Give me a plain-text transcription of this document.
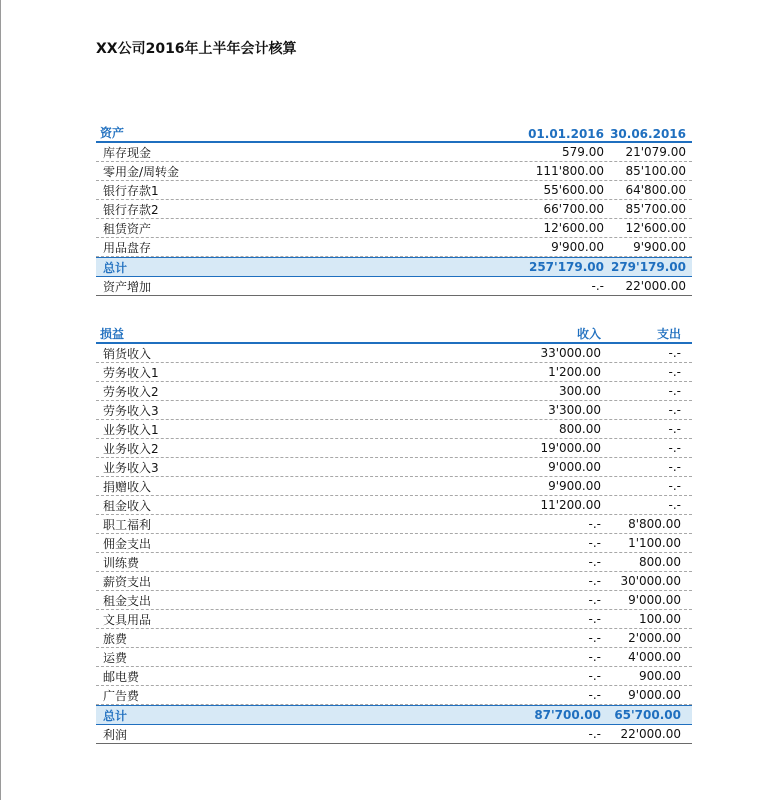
XX公司2016年上半年会计核算
资产	01.01.2016 30.06.2016
库存现金	579.00	21'079.00
零用金/周转金	111'800.00	85'100.00
银行存款1	55'600.00	64'800.00
银行存款2	66'700.00	85'700.00
租赁资产	12'600.00	12'600.00
用品盘存	9'900.00	9'900.00
总计	257'179.00 279'179.00
资产增加	-.-	22'000.00
损益	收入	支出
销货收入	33'000.00	-.-
劳务收入1	1'200.00	-.-
劳务收入2	300.00	-.-
劳务收入3	3'300.00	-.-
业务收入1	800.00	-.-
业务收入2	19'000.00	-.-
业务收入3	9'000.00	-.-
捐赠收入	9'900.00	-.-
租金收入	11'200.00	-.-
职工福利	-.-	8'800.00
佣金支出	-.-	1'100.00
训练费	-.-	800.00
薪资支出	-.-	30'000.00
租金支出	-.-	9'000.00
文具用品	-.-	100.00
旅费	-.-	2'000.00
运费	-.-	4'000.00
邮电费	-.-	900.00
广告费	-.-	9'000.00
总计	87'700.00	65'700.00
利润	-.-	22'000.00
